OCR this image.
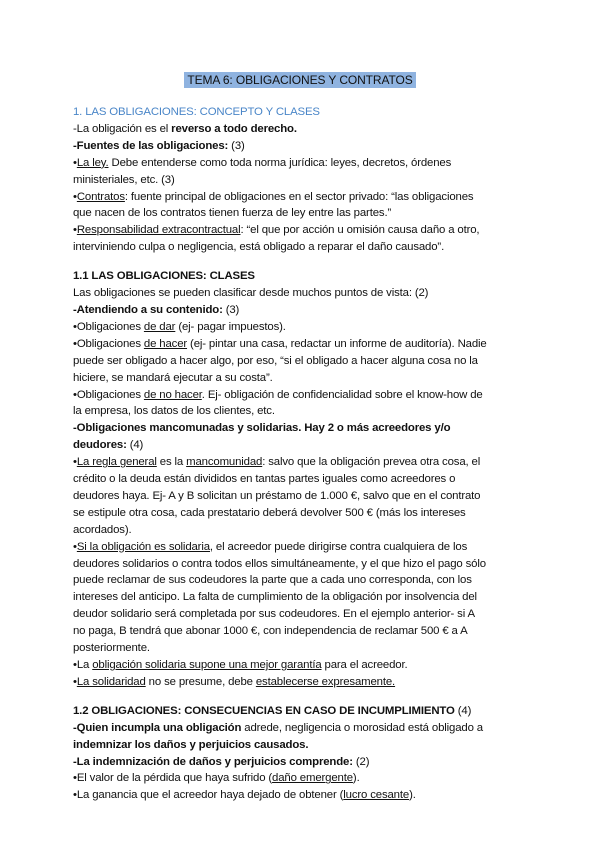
TEMA 6: OBLIGACIONES Y CONTRATOS
1. LAS OBLIGACIONES: CONCEPTO Y CLASES
-La obligación es el reverso a todo derecho.
-Fuentes de las obligaciones: (3)
•La ley. Debe entenderse como toda norma jurídica: leyes, decretos, órdenes
ministeriales, etc. (3)
•Contratos: fuente principal de obligaciones en el sector privado: “las obligaciones
que nacen de los contratos tienen fuerza de ley entre las partes.”
•Responsabilidad extracontractual: “el que por acción u omisión causa daño a otro,
interviniendo culpa o negligencia, está obligado a reparar el daño causado”.
1.1 LAS OBLIGACIONES: CLASES
Las obligaciones se pueden clasificar desde muchos puntos de vista: (2)
-Atendiendo a su contenido: (3)
•Obligaciones de dar (ej- pagar impuestos).
•Obligaciones de hacer (ej- pintar una casa, redactar un informe de auditoría). Nadie
puede ser obligado a hacer algo, por eso, “si el obligado a hacer alguna cosa no la
hiciere, se mandará ejecutar a su costa”.
•Obligaciones de no hacer. Ej- obligación de confidencialidad sobre el know-how de
la empresa, los datos de los clientes, etc.
-Obligaciones mancomunadas y solidarias. Hay 2 o más acreedores y/o
deudores: (4)
•La regla general es la mancomunidad: salvo que la obligación prevea otra cosa, el
crédito o la deuda están divididos en tantas partes iguales como acreedores o
deudores haya. Ej- A y B solicitan un préstamo de 1.000 €, salvo que en el contrato
se estipule otra cosa, cada prestatario deberá devolver 500 € (más los intereses
acordados).
•Si la obligación es solidaria, el acreedor puede dirigirse contra cualquiera de los
deudores solidarios o contra todos ellos simultáneamente, y el que hizo el pago sólo
puede reclamar de sus codeudores la parte que a cada uno corresponda, con los
intereses del anticipo. La falta de cumplimiento de la obligación por insolvencia del
deudor solidario será completada por sus codeudores. En el ejemplo anterior- si A
no paga, B tendrá que abonar 1000 €, con independencia de reclamar 500 € a A
posteriormente.
•La obligación solidaria supone una mejor garantía para el acreedor.
•La solidaridad no se presume, debe establecerse expresamente.
1.2 OBLIGACIONES: CONSECUENCIAS EN CASO DE INCUMPLIMIENTO (4)
-Quien incumpla una obligación adrede, negligencia o morosidad está obligado a
indemnizar los daños y perjuicios causados.
-La indemnización de daños y perjuicios comprende: (2)
•El valor de la pérdida que haya sufrido (daño emergente).
•La ganancia que el acreedor haya dejado de obtener (lucro cesante).
